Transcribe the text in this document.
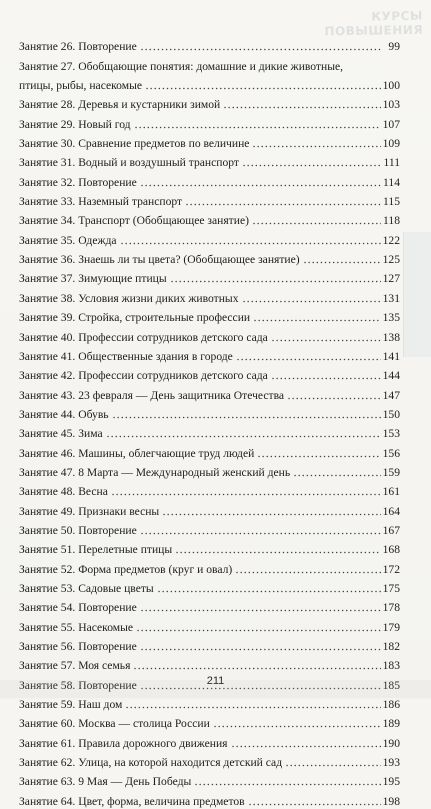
КУРСЫ ПОВЫШЕНИЯ
Занятие 26. Повторение	99
Занятие 27. Обобщающие понятия: домашние и дикие животные,
птицы, рыбы, насекомые	100
Занятие 28. Деревья и кустарники зимой	103
Занятие 29. Новый год	107
Занятие 30. Сравнение предметов по величине	109
Занятие 31. Водный и воздушный транспорт	111
Занятие 32. Повторение	114
Занятие 33. Наземный транспорт	115
Занятие 34. Транспорт (Обобщающее занятие)	118
Занятие 35. Одежда	122
Занятие 36. Знаешь ли ты цвета? (Обобщающее занятие)	125
Занятие 37. Зимующие птицы	127
Занятие 38. Условия жизни диких животных	131
Занятие 39. Стройка, строительные профессии	135
Занятие 40. Профессии сотрудников детского сада	138
Занятие 41. Общественные здания в городе	141
Занятие 42. Профессии сотрудников детского сада	144
Занятие 43. 23 февраля — День защитника Отечества	147
Занятие 44. Обувь	150
Занятие 45. Зима	153
Занятие 46. Машины, облегчающие труд людей	156
Занятие 47. 8 Марта — Международный женский день	159
Занятие 48. Весна	161
Занятие 49. Признаки весны	164
Занятие 50. Повторение	167
Занятие 51. Перелетные птицы	168
Занятие 52. Форма предметов (круг и овал)	172
Занятие 53. Садовые цветы	175
Занятие 54. Повторение	178
Занятие 55. Насекомые	179
Занятие 56. Повторение	182
Занятие 57. Моя семья	183
Занятие 58. Повторение	185
Занятие 59. Наш дом	186
Занятие 60. Москва — столица России	189
Занятие 61. Правила дорожного движения	190
Занятие 62. Улица, на которой находится детский сад	193
Занятие 63. 9 Мая — День Победы	195
Занятие 64. Цвет, форма, величина предметов	198
211
